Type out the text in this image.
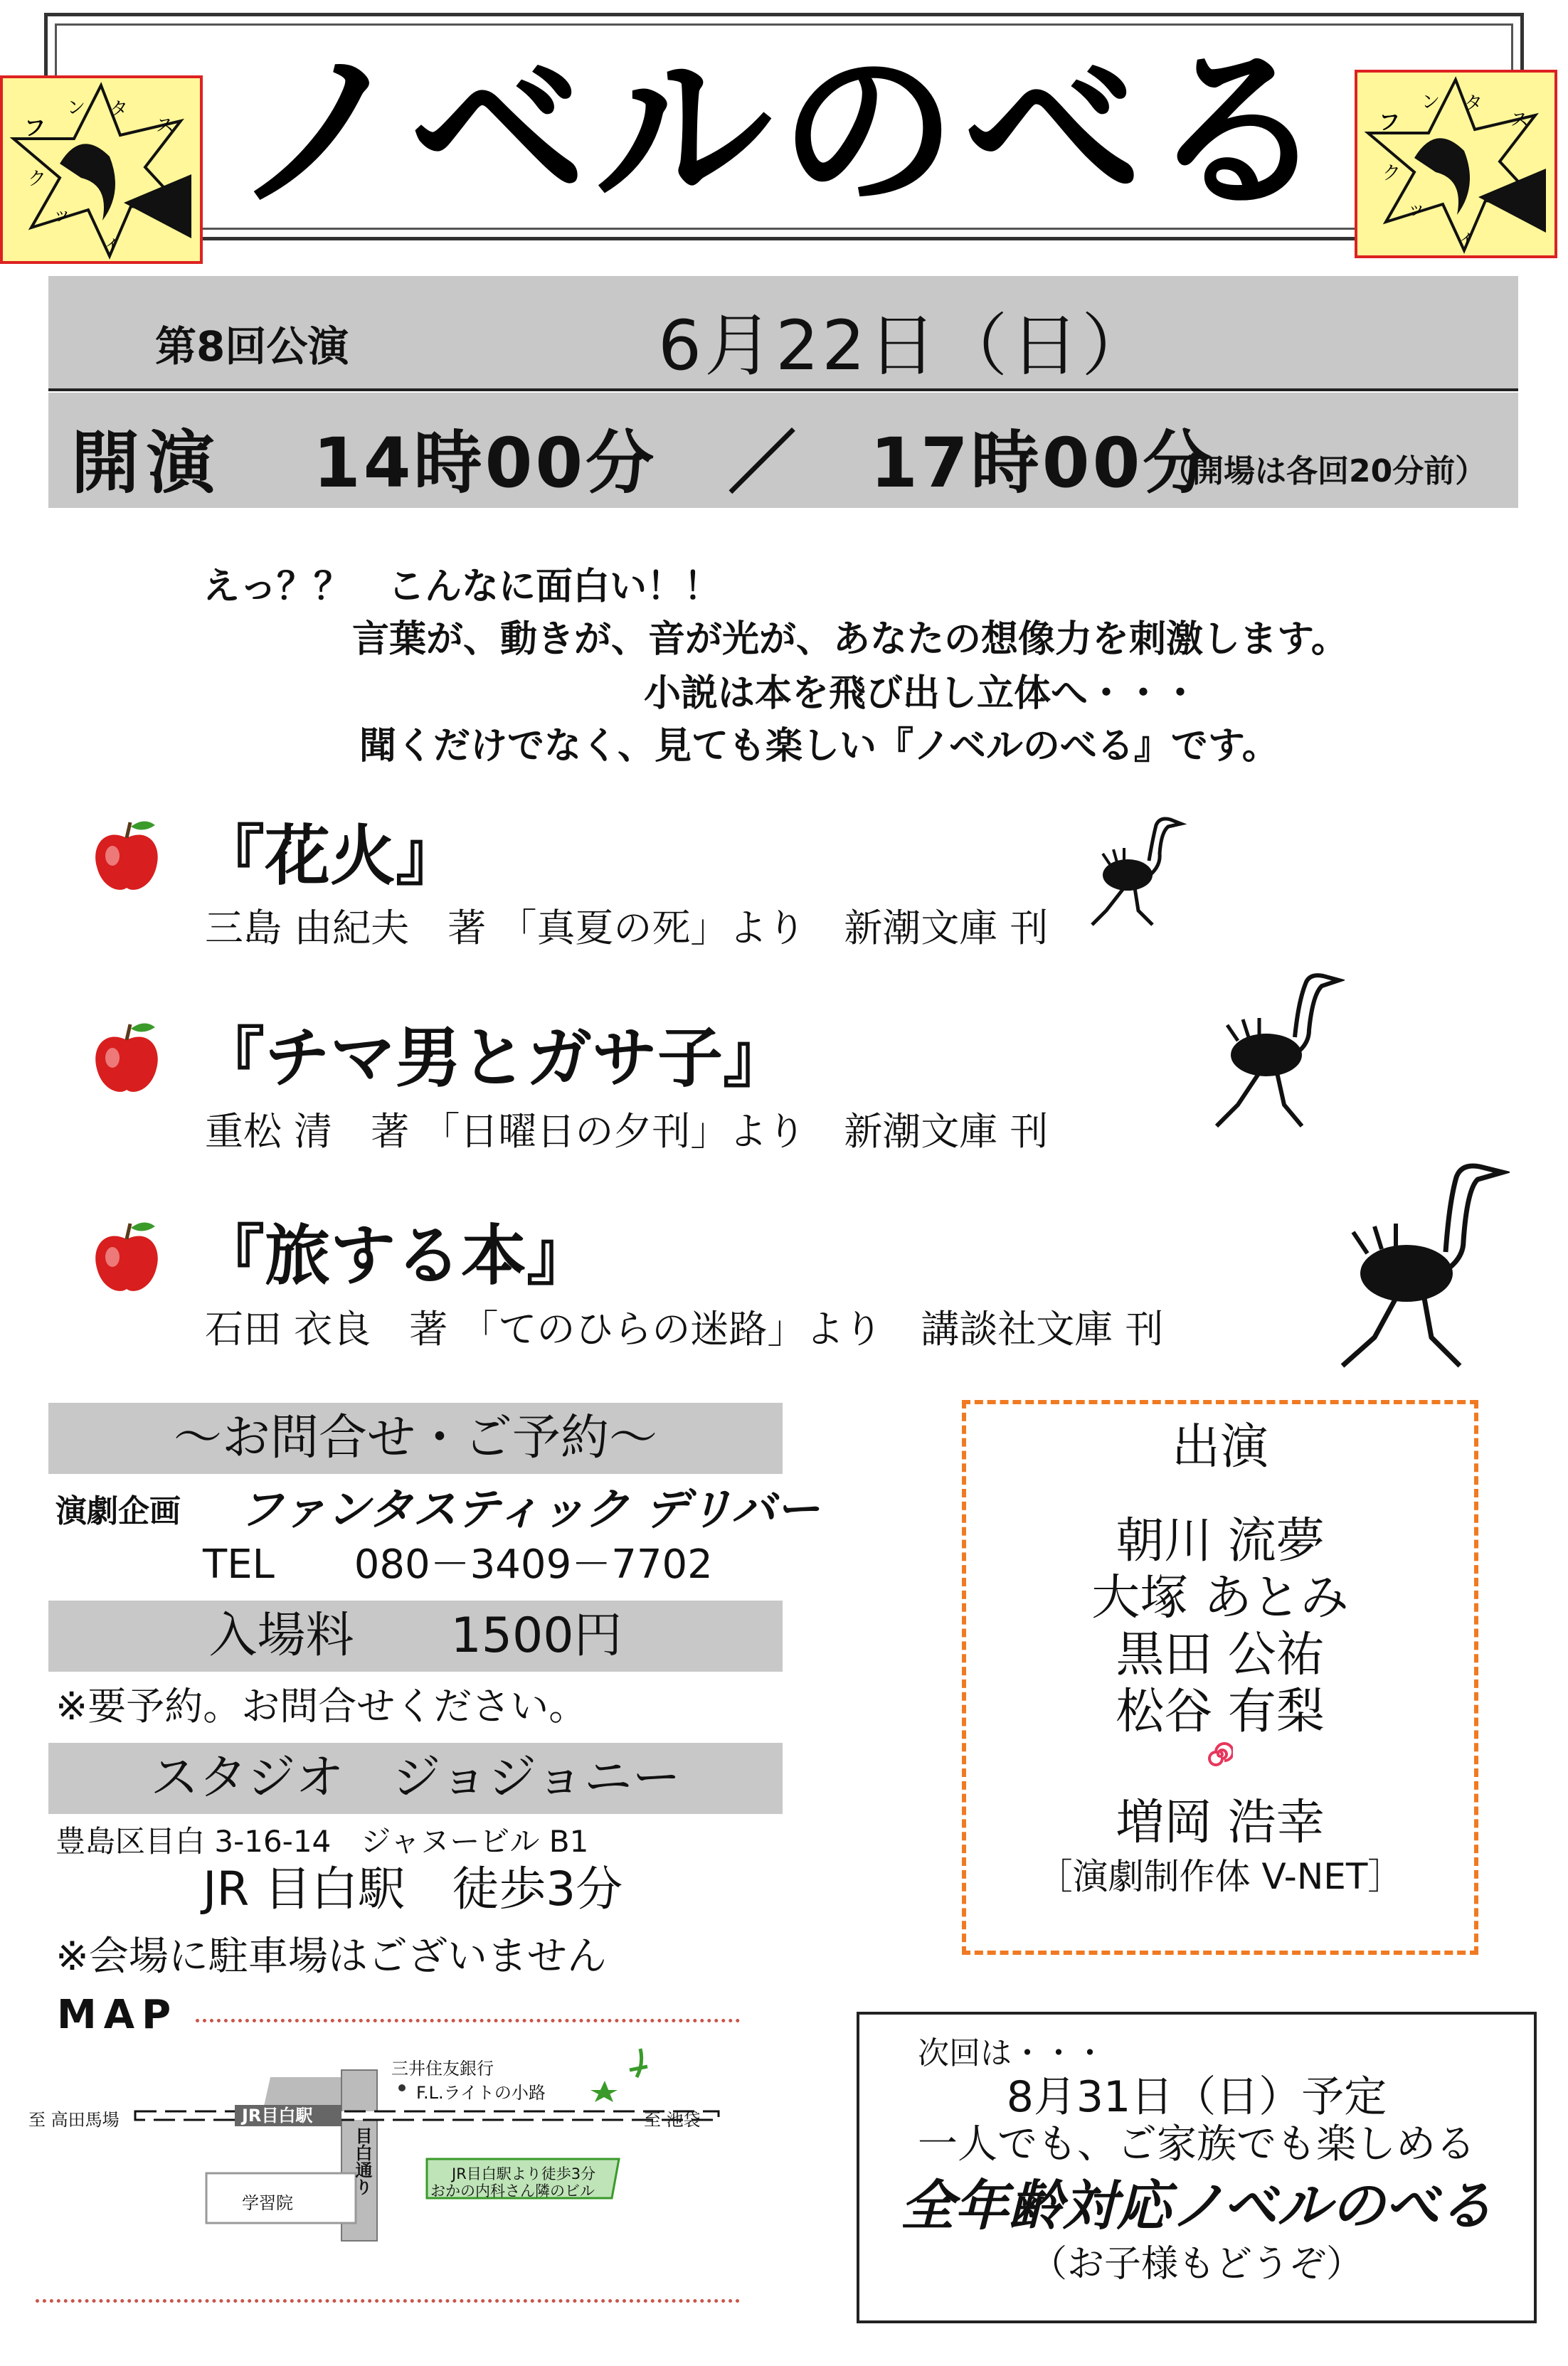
ノベルのべる
ン タ
ス
ィ
ッ
ク
フ
ン タ
ス
ィ
ッ
ク
フ
第8回公演	6月22日（日）
開演 14時00分　／　17時00分
（開場は各回20分前）
えっ？？　こんなに面白い！！
言葉が、動きが、音が光が、あなたの想像力を刺激します。
小説は本を飛び出し立体へ・・・
聞くだけでなく、見ても楽しい『ノベルのべる』です。
『花火』
三島 由紀夫　著 「真夏の死」より　新潮文庫 刊
『チマ男とガサ子』
重松 清　著 「日曜日の夕刊」より　新潮文庫 刊
『旅する本』
石田 衣良　著 「てのひらの迷路」より　講談社文庫 刊
～お問合せ・ご予約～
演劇企画 ファンタスティック デリバー
TEL　　080－3409－7702
入場料　　1500円
※要予約。お問合せください。
スタジオ　ジョジョニー
豊島区目白 3-16-14　ジャヌービル B1
JR 目白駅　徒歩3分
※会場に駐車場はございません
MAP
三井住友銀行
F.L.ライトの小路
JR目白駅
目白通り
至 高田馬場	至 池袋
学習院
JR目白駅より徒歩3分
おかの内科さん隣のビル
出演
朝川 流夢
大塚 あとみ
黒田 公祐
松谷 有梨
増岡 浩幸
［演劇制作体 V-NET］
次回は・・・
8月31日（日）予定
一人でも、ご家族でも楽しめる
全年齢対応ノベルのべる
（お子様もどうぞ）
